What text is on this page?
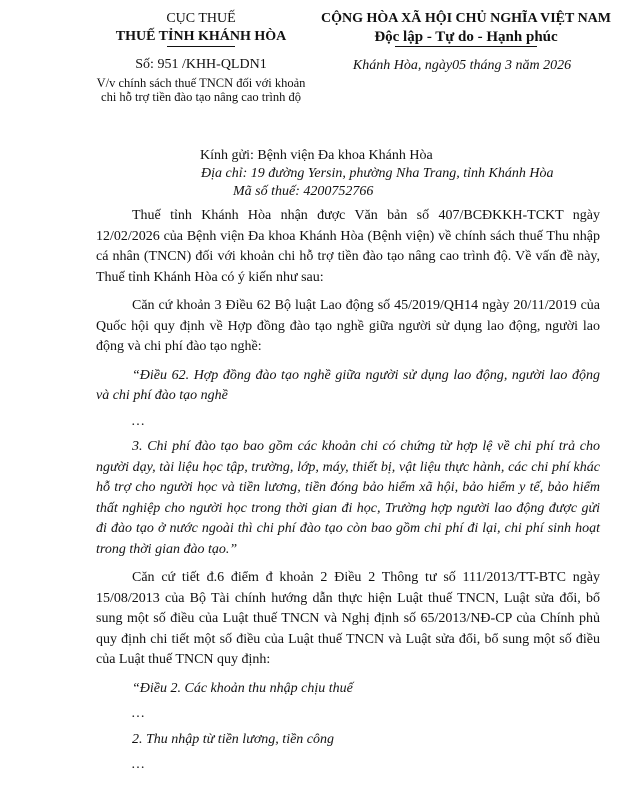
CỤC THUẾ
THUẾ TỈNH KHÁNH HÒA
CỘNG HÒA XÃ HỘI CHỦ NGHĨA VIỆT NAM
Độc lập - Tự do - Hạnh phúc
Số: 951 /KHH-QLDN1	Khánh Hòa, ngày05 tháng 3 năm 2026
V/v chính sách thuế TNCN đối với khoản chi hỗ trợ tiền đào tạo nâng cao trình độ
Kính gửi: Bệnh viện Đa khoa Khánh Hòa
Địa chỉ: 19 đường Yersin, phường Nha Trang, tỉnh Khánh Hòa
Mã số thuế: 4200752766

Thuế tỉnh Khánh Hòa nhận được Văn bản số 407/BCĐKKH-TCKT ngày 12/02/2026 của Bệnh viện Đa khoa Khánh Hòa (Bệnh viện) về chính sách thuế Thu nhập cá nhân (TNCN) đối với khoản chi hỗ trợ tiền đào tạo nâng cao trình độ. Về vấn đề này, Thuế tỉnh Khánh Hòa có ý kiến như sau:

Căn cứ khoản 3 Điều 62 Bộ luật Lao động số 45/2019/QH14 ngày 20/11/2019 của Quốc hội quy định về Hợp đồng đào tạo nghề giữa người sử dụng lao động, người lao động và chi phí đào tạo nghề:

“Điều 62. Hợp đồng đào tạo nghề giữa người sử dụng lao động, người lao động và chi phí đào tạo nghề

…

3. Chi phí đào tạo bao gồm các khoản chi có chứng từ hợp lệ về chi phí trả cho người dạy, tài liệu học tập, trường, lớp, máy, thiết bị, vật liệu thực hành, các chi phí khác hỗ trợ cho người học và tiền lương, tiền đóng bảo hiểm xã hội, bảo hiểm y tế, bảo hiểm thất nghiệp cho người học trong thời gian đi học, Trường hợp người lao động được gửi đi đào tạo ở nước ngoài thì chi phí đào tạo còn bao gồm chi phí đi lại, chi phí sinh hoạt trong thời gian đào tạo.”

Căn cứ tiết đ.6 điểm đ khoản 2 Điều 2 Thông tư số 111/2013/TT-BTC ngày 15/08/2013 của Bộ Tài chính hướng dẫn thực hiện Luật thuế TNCN, Luật sửa đổi, bổ sung một số điều của Luật thuế TNCN và Nghị định số 65/2013/NĐ-CP của Chính phủ quy định chi tiết một số điều của Luật thuế TNCN và Luật sửa đổi, bổ sung một số điều của Luật thuế TNCN quy định:

“Điều 2. Các khoản thu nhập chịu thuế

…

2. Thu nhập từ tiền lương, tiền công

…
